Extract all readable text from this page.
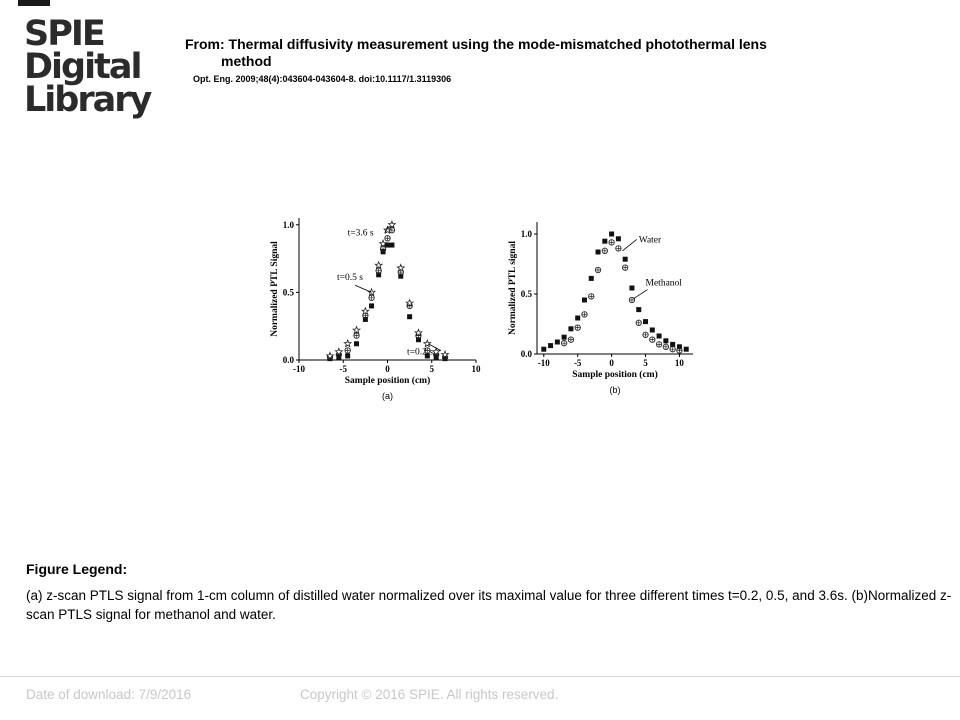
SPIE
Digital
Library
From: Thermal diffusivity measurement using the mode-mismatched photothermal lens
method
Opt. Eng. 2009;48(4):043604-043604-8. doi:10.1117/1.3119306
-10	-5	0	5	10
0.0
0.5
1.0
Sample position (cm)
Normalized PTL Signal
(a)
t=3.6 s
t=0.5 s
t=0.2 s
-10	-5	0	5	10
0.0
0.5
1.0
Sample position (cm)
Normalized PTL signal
(b)
Water
Methanol
Figure Legend:
(a) z-scan PTLS signal from 1-cm column of distilled water normalized over its maximal value for three different times t=0.2, 0.5, and 3.6s. (b)Normalized z-scan PTLS signal for methanol and water.
Date of download: 7/9/2016	Copyright © 2016 SPIE. All rights reserved.
